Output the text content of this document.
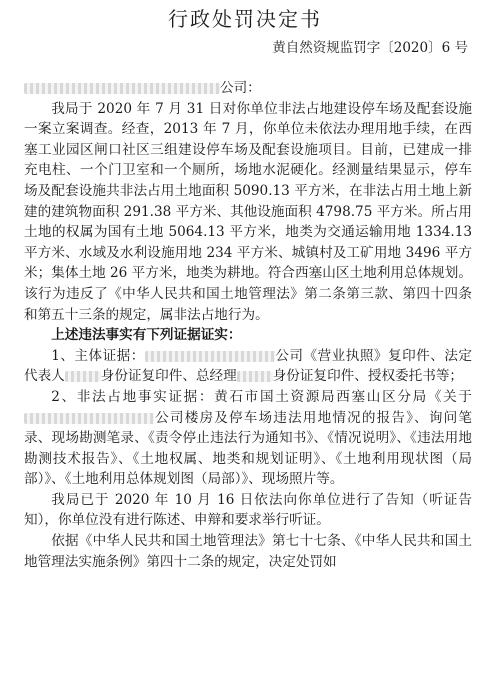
行政处罚决定书
黄自然资规监罚字〔2020〕6 号

公司：

我局于 2020 年 7 月 31 日对你单位非法占地建设停车场及配套设施一案立案调查。经查，2013 年 7 月，你单位未依法办理用地手续，在西塞工业园区闸口社区三组建设停车场及配套设施项目。目前，已建成一排充电柱、一个门卫室和一个厕所，场地水泥硬化。经测量结果显示，停车场及配套设施共非法占用土地面积 5090.13 平方米，在非法占用土地上新建的建筑物面积 291.38 平方米、其他设施面积 4798.75 平方米。所占用土地的权属为国有土地 5064.13 平方米，地类为交通运输用地 1334.13 平方米、水域及水利设施用地 234 平方米、城镇村及工矿用地 3496 平方米；集体土地 26 平方米，地类为耕地。符合西塞山区土地利用总体规划。该行为违反了《中华人民共和国土地管理法》第二条第三款、第四十四条和第五十三条的规定，属非法占地行为。

上述违法事实有下列证据证实：

1、主体证据：	公司《营业执照》复印件、法定代表人	身份证复印件、总经理	身份证复印件、授权委托书等；

2、非法占地事实证据：黄石市国土资源局西塞山区分局《关于公司楼房及停车场违法用地情况的报告》、询问笔录、现场勘测笔录、《责令停止违法行为通知书》、《情况说明》、《违法用地勘测技术报告》、《土地权属、地类和规划证明》、《土地利用现状图（局部）》、《土地利用总体规划图（局部）》、现场照片等。

我局已于 2020 年 10 月 16 日依法向你单位进行了告知（听证告知），你单位没有进行陈述、申辩和要求举行听证。

依据《中华人民共和国土地管理法》第七十七条、《中华人民共和国土地管理法实施条例》第四十二条的规定，决定处罚如
